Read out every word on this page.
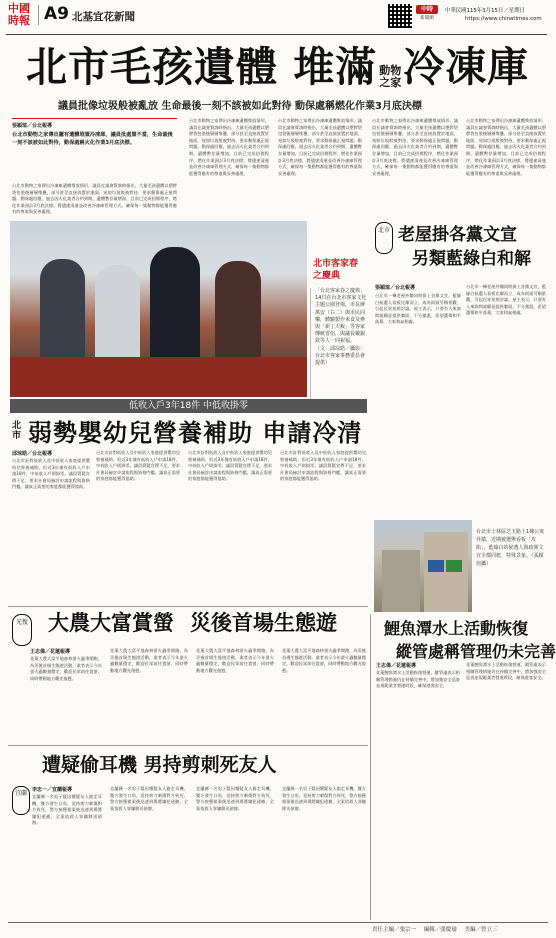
中國
時報 A9 北基宜花新聞
中時
新聞網
中華民國115年3月15日／星期日
https://www.chinatimes.com
北市毛孩遺體 堆滿 動物之家冷凍庫
議員批像垃圾般被亂放 生命最後一刻不該被如此對待 動保處稱燃化作業3月底決標
張穎瑄／台北報導
台北市動物之家傳出屢有遺體堆置冷凍庫，議員批處置不當，生命最後一刻不該被如此對待，動保處稱火化作業3月底決標。
台北市動物之家傳出冷凍庫遺體堆放情形，議員在議會質詢時指出，大量毛孩遺體以塑膠袋包裝後層層堆疊，部分甚至直接放置於地面，宛如垃圾般被對待，要求動保處正視問題。動保處回應，過去因火化業者合約到期，遺體暫存量增加，目前已完成招標程序，燃化作業預計3月底決標，將儘速清運並改善冷凍庫管理方式，確保每一隻動物都能獲得應有的尊重與妥善處理。
台北市動物之家傳出冷凍庫遺體堆放情形，議員在議會質詢時指出，大量毛孩遺體以塑膠袋包裝後層層堆疊，部分甚至直接放置於地面，宛如垃圾般被對待，要求動保處正視問題。動保處回應，過去因火化業者合約到期，遺體暫存量增加，目前已完成招標程序，燃化作業預計3月底決標，將儘速清運並改善冷凍庫管理方式，確保每一隻動物都能獲得應有的尊重與妥善處理。
台北市動物之家傳出冷凍庫遺體堆放情形，議員在議會質詢時指出，大量毛孩遺體以塑膠袋包裝後層層堆疊，部分甚至直接放置於地面，宛如垃圾般被對待，要求動保處正視問題。動保處回應，過去因火化業者合約到期，遺體暫存量增加，目前已完成招標程序，燃化作業預計3月底決標，將儘速清運並改善冷凍庫管理方式，確保每一隻動物都能獲得應有的尊重與妥善處理。
台北市動物之家傳出冷凍庫遺體堆放情形，議員在議會質詢時指出，大量毛孩遺體以塑膠袋包裝後層層堆疊，部分甚至直接放置於地面，宛如垃圾般被對待，要求動保處正視問題。動保處回應，過去因火化業者合約到期，遺體暫存量增加，目前已完成招標程序，燃化作業預計3月底決標，將儘速清運並改善冷凍庫管理方式，確保每一隻動物都能獲得應有的尊重與妥善處理。
台北市動物之家傳出冷凍庫遺體堆放情形，議員在議會質詢時指出，大量毛孩遺體以塑膠袋包裝後層層堆疊，部分甚至直接放置於地面，宛如垃圾般被對待，要求動保處正視問題。動保處回應，過去因火化業者合約到期，遺體暫存量增加，目前已完成招標程序，燃化作業預計3月底決標，將儘速清運並改善冷凍庫管理方式，確保每一隻動物都能獲得應有的尊重與妥善處理。
北市客家春之慶典
「台北客家春之慶典」14日在台北市客家文化主題公園登場，市長蔣萬安（右二）與市民同樂，體驗製作米食及參與「新丁大粄」等客家傳統習俗，與議長戴錫欽等人一同祝福。（文：邱琮皓／攝影：台北市客家事務委員會提供）
北市 老屋掛各黨文宣
另類藍綠白和解
張穎瑄／台北報導
台北市一棟老屋外牆同時掛上各黨文宣，藍綠白候選人看板比鄰而立，成為街頭另類景觀，引起民眾拍照討論。屋主表示，只要有人來詢問就願意提供牆面，不分黨派，希望選舉和平落幕，大家和氣相處。
台北市一棟老屋外牆同時掛上各黨文宣，藍綠白候選人看板比鄰而立，成為街頭另類景觀，引起民眾拍照討論。屋主表示，只要有人來詢問就願意提供牆面，不分黨派，希望選舉和平落幕，大家和氣相處。
低收入戶3年18件 中低收掛零
北市 弱勢嬰幼兒營養補助 申請冷清
邱琮皓／台北報導
台北市針對低收入及中低收入家庭提供嬰幼兒營養補助，但近3年僅有低收入戶申請18件，中低收入戶則掛零。議員質疑宣傳不足，要求社會局檢討申請流程與資格門檻，讓真正需要的家庭都能獲得協助。
台北市針對低收入及中低收入家庭提供嬰幼兒營養補助，但近3年僅有低收入戶申請18件，中低收入戶則掛零。議員質疑宣傳不足，要求社會局檢討申請流程與資格門檻，讓真正需要的家庭都能獲得協助。
台北市針對低收入及中低收入家庭提供嬰幼兒營養補助，但近3年僅有低收入戶申請18件，中低收入戶則掛零。議員質疑宣傳不足，要求社會局檢討申請流程與資格門檻，讓真正需要的家庭都能獲得協助。
台北市針對低收入及中低收入家庭提供嬰幼兒營養補助，但近3年僅有低收入戶申請18件，中低收入戶則掛零。議員質疑宣傳不足，要求社會局檢討申請流程與資格門檻，讓真正需要的家庭都能獲得協助。
台北市士林區芝玉路上1棟公寓外牆，近期被選舉看板「攻陷」，藍綠白的候選人與政黨文宣全都同框，特殊景象。（張穎瑄攝）
光復 大農大富賞螢 災後首場生態遊
王志偉／花蓮報導
花蓮大農大富平地森林螢火蟲季開跑，為災後首場生態遊活動，業者表示今年螢火蟲數量穩定，歡迎民眾前往賞螢，同時帶動地方觀光復甦。
花蓮大農大富平地森林螢火蟲季開跑，為災後首場生態遊活動，業者表示今年螢火蟲數量穩定，歡迎民眾前往賞螢，同時帶動地方觀光復甦。
花蓮大農大富平地森林螢火蟲季開跑，為災後首場生態遊活動，業者表示今年螢火蟲數量穩定，歡迎民眾前往賞螢，同時帶動地方觀光復甦。
花蓮大農大富平地森林螢火蟲季開跑，為災後首場生態遊活動，業者表示今年螢火蟲數量穩定，歡迎民眾前往賞螢，同時帶動地方觀光復甦。
遭疑偷耳機 男持剪刺死友人
宜蘭	李忠一／宜蘭報導
宜蘭縣一名男子疑因懷疑友人偷走耳機，雙方發生口角，竟持剪刀刺傷對方致死，警方接獲報案後迅速到場將嫌犯逮捕，全案依殺人罪嫌移送偵辦。
宜蘭縣一名男子疑因懷疑友人偷走耳機，雙方發生口角，竟持剪刀刺傷對方致死，警方接獲報案後迅速到場將嫌犯逮捕，全案依殺人罪嫌移送偵辦。
宜蘭縣一名男子疑因懷疑友人偷走耳機，雙方發生口角，竟持剪刀刺傷對方致死，警方接獲報案後迅速到場將嫌犯逮捕，全案依殺人罪嫌移送偵辦。
宜蘭縣一名男子疑因懷疑友人偷走耳機，雙方發生口角，竟持剪刀刺傷對方致死，警方接獲報案後迅速到場將嫌犯逮捕，全案依殺人罪嫌移送偵辦。
鯉魚潭水上活動恢復
縱管處稱管理仍未完善
王志偉／花蓮報導
花蓮鯉魚潭水上活動恢復營運，縱管處表示相關管理措施仍在持續完善中，將加強安全巡查並規範業者營運時段，確保遊客安全。
花蓮鯉魚潭水上活動恢復營運，縱管處表示相關管理措施仍在持續完善中，將加強安全巡查並規範業者營運時段，確保遊客安全。
責任主編／張宗一 編輯／張慶瑜 美編／曾立三
